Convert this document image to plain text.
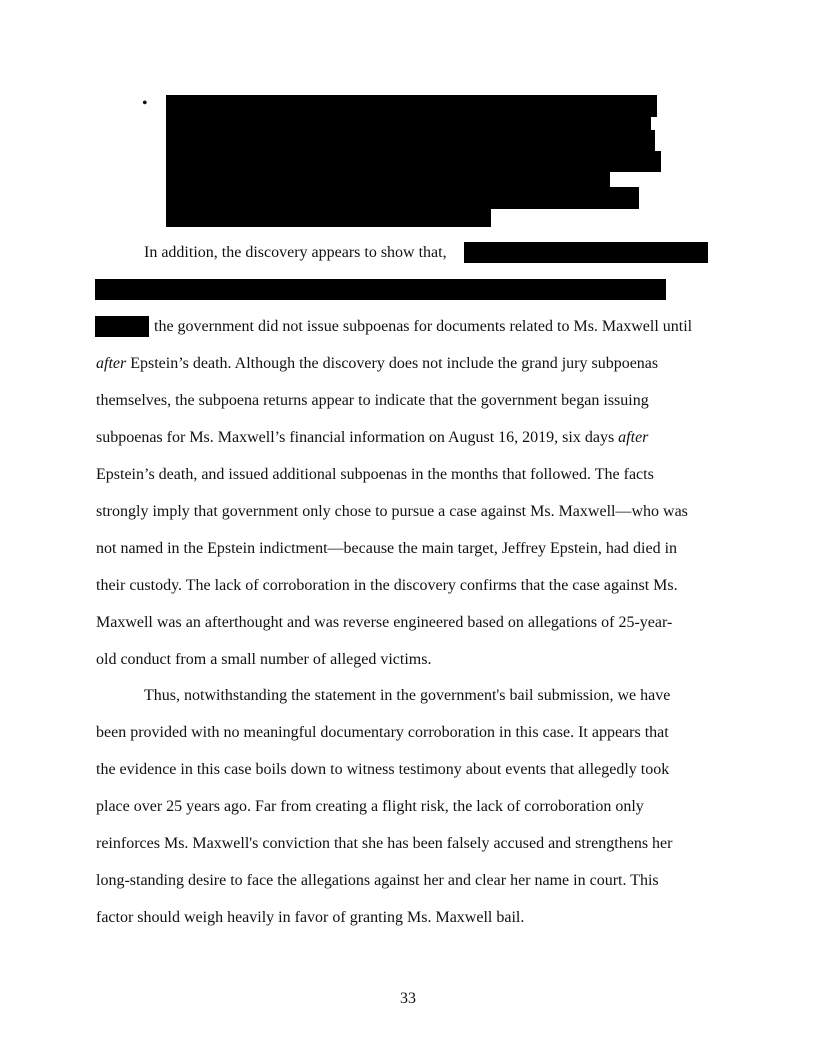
•
In addition, the discovery appears to show that,
the government did not issue subpoenas for documents related to Ms. Maxwell until
after Epstein’s death. Although the discovery does not include the grand jury subpoenas
themselves, the subpoena returns appear to indicate that the government began issuing
subpoenas for Ms. Maxwell’s financial information on August 16, 2019, six days after
Epstein’s death, and issued additional subpoenas in the months that followed. The facts
strongly imply that government only chose to pursue a case against Ms. Maxwell—who was
not named in the Epstein indictment—because the main target, Jeffrey Epstein, had died in
their custody. The lack of corroboration in the discovery confirms that the case against Ms.
Maxwell was an afterthought and was reverse engineered based on allegations of 25-year-
old conduct from a small number of alleged victims.
Thus, notwithstanding the statement in the government's bail submission, we have
been provided with no meaningful documentary corroboration in this case. It appears that
the evidence in this case boils down to witness testimony about events that allegedly took
place over 25 years ago. Far from creating a flight risk, the lack of corroboration only
reinforces Ms. Maxwell's conviction that she has been falsely accused and strengthens her
long-standing desire to face the allegations against her and clear her name in court. This
factor should weigh heavily in favor of granting Ms. Maxwell bail.
33
